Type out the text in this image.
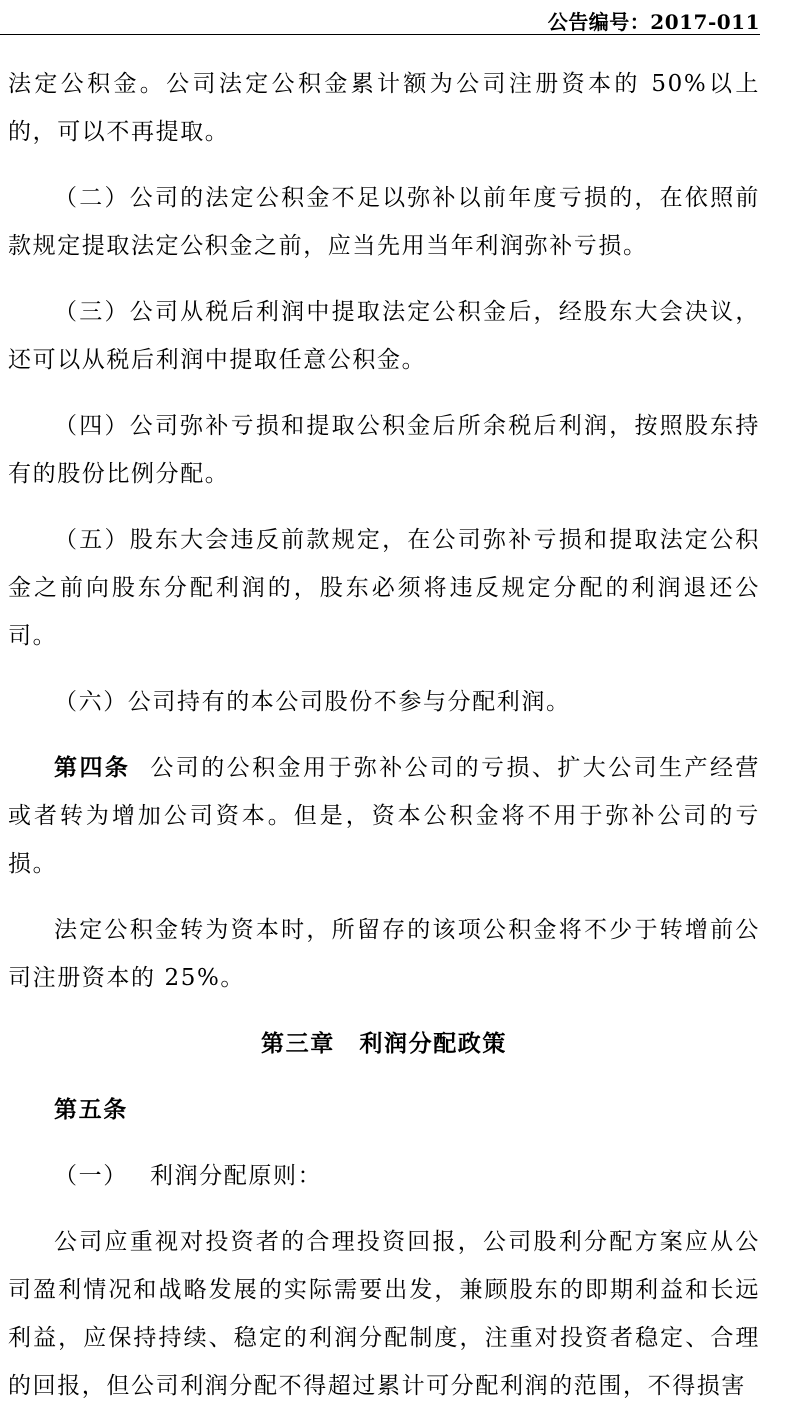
公告编号：2017-011

法定公积金。公司法定公积金累计额为公司注册资本的 50%以上的，可以不再提取。

（二）公司的法定公积金不足以弥补以前年度亏损的，在依照前款规定提取法定公积金之前，应当先用当年利润弥补亏损。

（三）公司从税后利润中提取法定公积金后，经股东大会决议，还可以从税后利润中提取任意公积金。

（四）公司弥补亏损和提取公积金后所余税后利润，按照股东持有的股份比例分配。

（五）股东大会违反前款规定，在公司弥补亏损和提取法定公积金之前向股东分配利润的，股东必须将违反规定分配的利润退还公司。

（六）公司持有的本公司股份不参与分配利润。

第四条 公司的公积金用于弥补公司的亏损、扩大公司生产经营或者转为增加公司资本。但是，资本公积金将不用于弥补公司的亏损。

法定公积金转为资本时，所留存的该项公积金将不少于转增前公司注册资本的 25%。

第三章　利润分配政策
第五条

（一） 利润分配原则：

公司应重视对投资者的合理投资回报，公司股利分配方案应从公司盈利情况和战略发展的实际需要出发，兼顾股东的即期利益和长远利益，应保持持续、稳定的利润分配制度，注重对投资者稳定、合理的回报，但公司利润分配不得超过累计可分配利润的范围，不得损害
